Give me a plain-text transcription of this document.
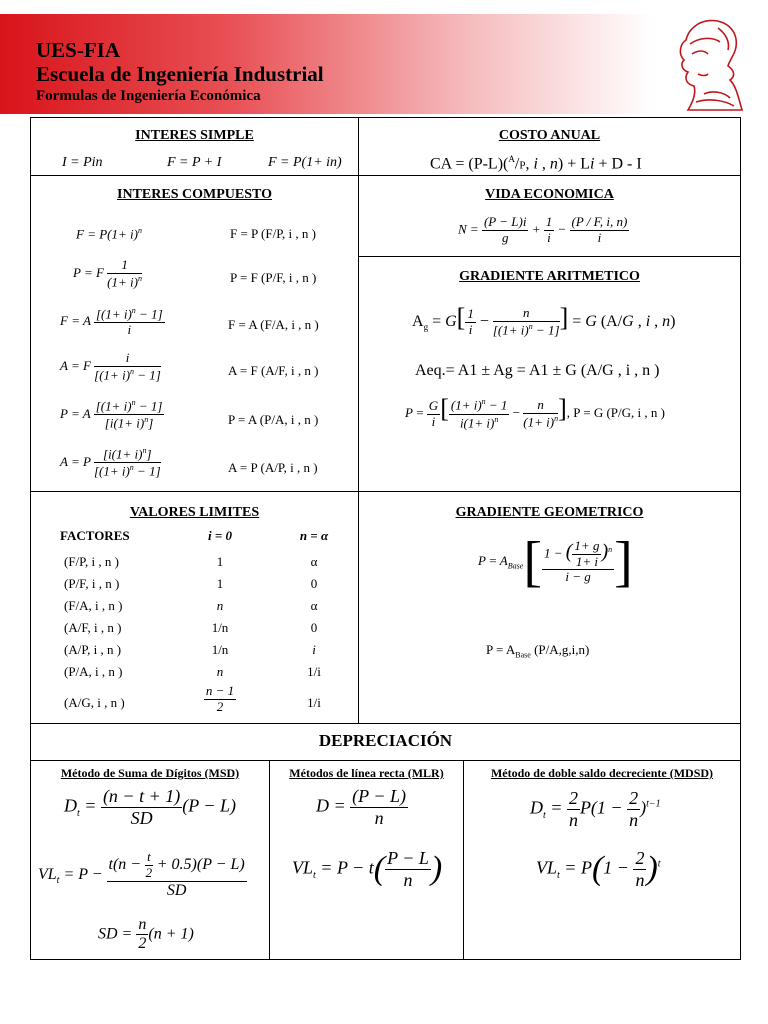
UES-FIA
Escuela de Ingeniería Industrial
Formulas de Ingeniería Económica
INTERES SIMPLE
I = Pin	F = P + I	F = P(1+ in)
COSTO ANUAL
CA = (P-L)($^A$/P, i , n) + Li + D - I
INTERES COMPUESTO
$F = P(1+ i)^n$	F = P (F/P, i , n )
P = F $\frac{1}{(1+ i)^n}$	P = F (P/F, i , n )
F = A $\frac{[(1+ i)^n - 1]}{i}$	F = A (F/A, i , n )
A = F $\frac{i}{[(1+ i)^n - 1]}$	A = F (A/F, i , n )
P = A $\frac{[(1+ i)^n - 1]}{[i(1+ i)^n]}$	P = A (P/A, i , n )
A = P $\frac{[i(1+ i)^n]}{[(1+ i)^n - 1]}$	A = P (A/P, i , n )
VIDA ECONOMICA
$N = \frac{(P - L)i}{g} + \frac{1}{i} - \frac{(P / F, i, n)}{i}$
GRADIENTE ARITMETICO
$A_g = G[ \frac{1}{i} - \frac{n}{[(1+ i)^n - 1]}$ ] = G (A/G , i , n)
Aeq.= A1 ± Ag = A1 ± G (A/G , i , n )
$P = \frac{G}{i}$ [ $\frac{(1+ i)^n - 1}{i(1+ i)^n} - \frac{n}{(1+ i)^n}$ ], P = G (P/G, i , n )
VALORES LIMITES
FACTORES	i = 0	n = α
(F/P, i , n )	1	α
(P/F, i , n )	1	0
(F/A, i , n )	n	α
(A/F, i , n )	1/n	0
(A/P, i , n )	1/n	i
(P/A, i , n )	n	1/i
(A/G, i , n )	$\frac{n - 1}{2}$	1/i
GRADIENTE GEOMETRICO
$P = A_{Base}[ \frac{1 - ( \frac{1+ g}{1+ i} )^n}{i - g}$ ]
$P = A_{Base}$ (P/A,g,i,n)
DEPRECIACIÓN
Método de Suma de Dígitos (MSD)
$D_t = \frac{(n - t + 1)}{SD} (P - L)$
$VL_t = P - \frac{t(n - \frac{t}{2} + 0.5)(P - L)}{SD}$
SD = $\frac{n}{2} (n + 1)$
Métodos de línea recta (MLR)
$D = \frac{(P - L)}{n}$
$VL_t = P - t( \frac{P - L}{n}$ )
Método de doble saldo decreciente (MDSD)
$D_t = \frac{2}{n} P(1 - \frac{2}{n} )^{t-1}$
$VL_t = P(1 - \frac{2}{n} )^t$
